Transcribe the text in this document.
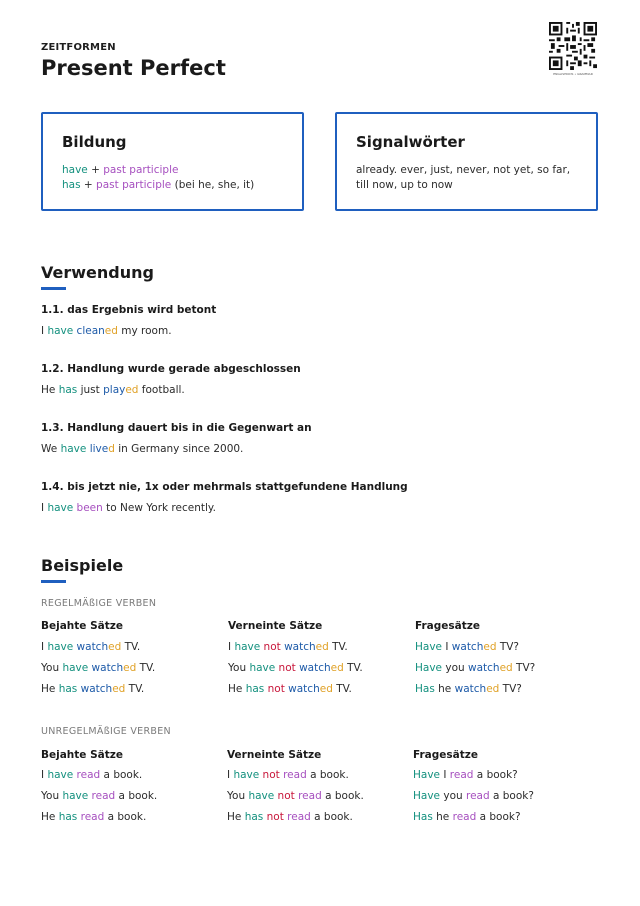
ZEITFORMEN
Present Perfect	ENGLISHKIDS • GRAMMAR
Bildung
have + past participle
has + past participle (bei he, she, it)
Signalwörter
already. ever, just, never, not yet, so far,
till now, up to now
Verwendung
1.1. das Ergebnis wird betont
I have cleaned my room.
1.2. Handlung wurde gerade abgeschlossen
He has just played football.
1.3. Handlung dauert bis in die Gegenwart an
We have lived in Germany since 2000.
1.4. bis jetzt nie, 1x oder mehrmals stattgefundene Handlung
I have been to New York recently.
Beispiele
REGELMÄßIGE VERBEN
Bejahte Sätze
I have watched TV.
You have watched TV.
He has watched TV.
Verneinte Sätze
I have not watched TV.
You have not watched TV.
He has not watched TV.
Fragesätze
Have I watched TV?
Have you watched TV?
Has he watched TV?
UNREGELMÄßIGE VERBEN
Bejahte Sätze
I have read a book.
You have read a book.
He has read a book.
Verneinte Sätze
I have not read a book.
You have not read a book.
He has not read a book.
Fragesätze
Have I read a book?
Have you read a book?
Has he read a book?
